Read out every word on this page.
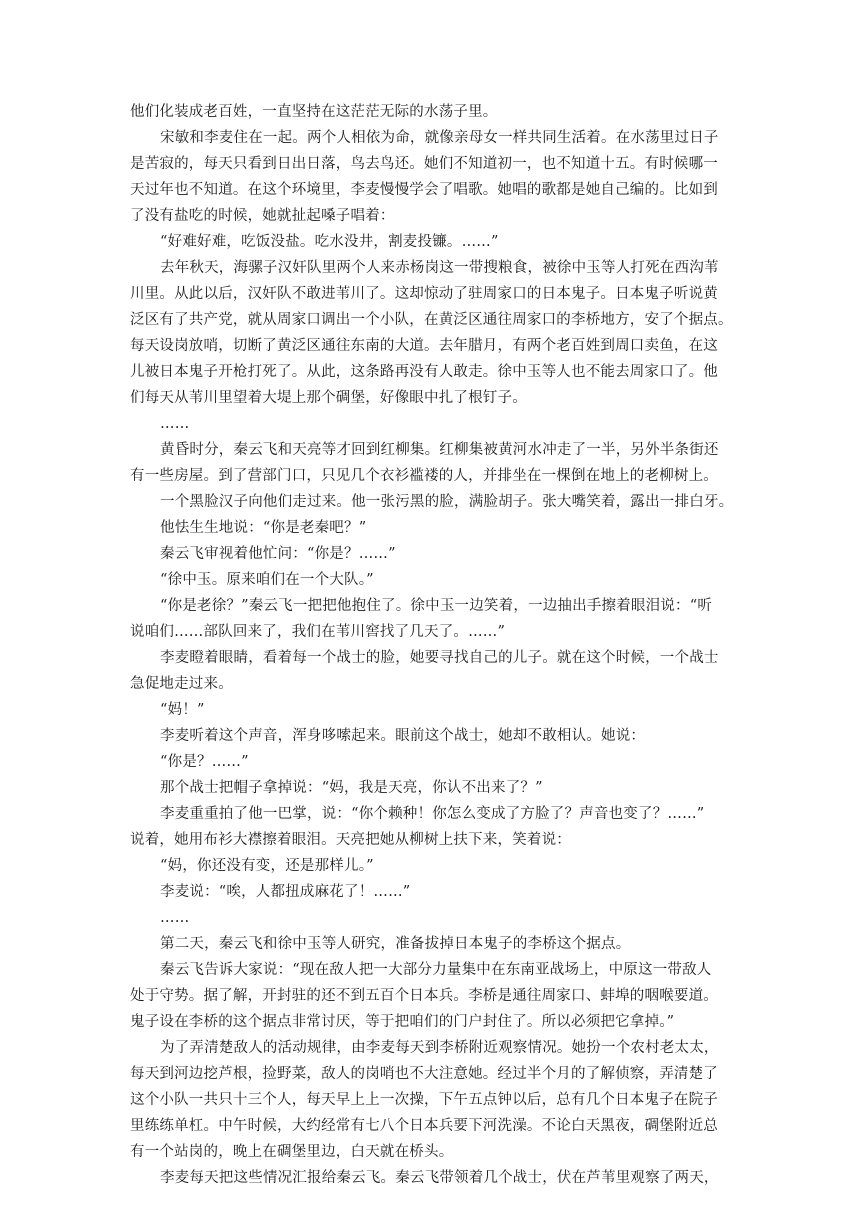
他们化装成老百姓，一直坚持在这茫茫无际的水荡子里。
宋敏和李麦住在一起。两个人相依为命，就像亲母女一样共同生活着。在水荡里过日子
是苦寂的，每天只看到日出日落，鸟去鸟还。她们不知道初一，也不知道十五。有时候哪一
天过年也不知道。在这个环境里，李麦慢慢学会了唱歌。她唱的歌都是她自己编的。比如到
了没有盐吃的时候，她就扯起嗓子唱着：
“好难好难，吃饭没盐。吃水没井，割麦投镰。……”
去年秋天，海骡子汉奸队里两个人来赤杨岗这一带搜粮食，被徐中玉等人打死在西沟苇
川里。从此以后，汉奸队不敢进苇川了。这却惊动了驻周家口的日本鬼子。日本鬼子听说黄
泛区有了共产党，就从周家口调出一个小队，在黄泛区通往周家口的李桥地方，安了个据点。
每天设岗放哨，切断了黄泛区通往东南的大道。去年腊月，有两个老百姓到周口卖鱼，在这
儿被日本鬼子开枪打死了。从此，这条路再没有人敢走。徐中玉等人也不能去周家口了。他
们每天从苇川里望着大堤上那个碉堡，好像眼中扎了根钉子。
……
黄昏时分，秦云飞和天亮等才回到红柳集。红柳集被黄河水冲走了一半，另外半条街还
有一些房屋。到了营部门口，只见几个衣衫褴褛的人，并排坐在一棵倒在地上的老柳树上。
一个黑脸汉子向他们走过来。他一张污黑的脸，满脸胡子。张大嘴笑着，露出一排白牙。
他怯生生地说：“你是老秦吧？”
秦云飞审视着他忙问：“你是？……”
“徐中玉。原来咱们在一个大队。”
“你是老徐？”秦云飞一把把他抱住了。徐中玉一边笑着，一边抽出手擦着眼泪说：“听
说咱们……部队回来了，我们在苇川窖找了几天了。……”
李麦瞪着眼睛，看着每一个战士的脸，她要寻找自己的儿子。就在这个时候，一个战士
急促地走过来。
“妈！”
李麦听着这个声音，浑身哆嗦起来。眼前这个战士，她却不敢相认。她说：
“你是？……”
那个战士把帽子拿掉说：“妈，我是天亮，你认不出来了？”
李麦重重拍了他一巴掌，说：“你个赖种！你怎么变成了方脸了？声音也变了？……”
说着，她用布衫大襟擦着眼泪。天亮把她从柳树上扶下来，笑着说：
“妈，你还没有变，还是那样儿。”
李麦说：“唉，人都扭成麻花了！……”
……
第二天，秦云飞和徐中玉等人研究，准备拔掉日本鬼子的李桥这个据点。
秦云飞告诉大家说：“现在敌人把一大部分力量集中在东南亚战场上，中原这一带敌人
处于守势。据了解，开封驻的还不到五百个日本兵。李桥是通往周家口、蚌埠的咽喉要道。
鬼子设在李桥的这个据点非常讨厌，等于把咱们的门户封住了。所以必须把它拿掉。”
为了弄清楚敌人的活动规律，由李麦每天到李桥附近观察情况。她扮一个农村老太太，
每天到河边挖芦根，捡野菜，敌人的岗哨也不大注意她。经过半个月的了解侦察，弄清楚了
这个小队一共只十三个人，每天早上上一次操，下午五点钟以后，总有几个日本鬼子在院子
里练练单杠。中午时候，大约经常有七八个日本兵要下河洗澡。不论白天黑夜，碉堡附近总
有一个站岗的，晚上在碉堡里边，白天就在桥头。
李麦每天把这些情况汇报给秦云飞。秦云飞带领着几个战士，伏在芦苇里观察了两天，
